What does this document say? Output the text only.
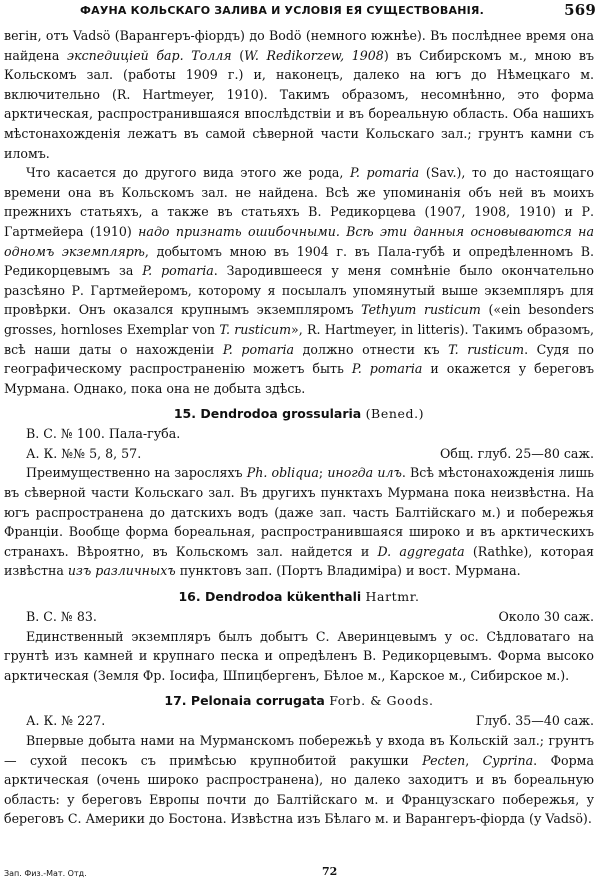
ФАУНА КОЛЬСКАГО ЗАЛИВА И УСЛОВІЯ ЕЯ СУЩЕСТВОВАНІЯ.	569

вегін, отъ Vadsö (Варангеръ-фіордъ) до Bodö (немного южнѣе). Въ послѣднее время она найдена экспедиціей бар. Толля (W. Redikorzew, 1908) въ Сибирскомъ м., мною въ Кольскомъ зал. (работы 1909 г.) и, наконецъ, далеко на югъ до Нѣмецкаго м. включительно (R. Hartmeyer, 1910). Такимъ образомъ, несомнѣнно, это форма арктическая, распространившаяся впослѣдствіи и въ бореальную область. Оба нашихъ мѣстонахожденія лежатъ въ самой сѣверной части Кольскаго зал.; грунтъ камни съ иломъ.

Что касается до другого вида этого же рода, P. pomaria (Sav.), то до настоящаго времени она въ Кольскомъ зал. не найдена. Всѣ же упоминанія объ ней въ моихъ прежнихъ статьяхъ, а также въ статьяхъ В. Редикорцева (1907, 1908, 1910) и Р. Гартмейера (1910) надо признать ошибочными. Всѣ эти данныя основываются на одномъ экземплярѣ, добытомъ мною въ 1904 г. въ Пала-губѣ и опредѣленномъ В. Редикорцевымъ за P. pomaria. Зародившееся у меня сомнѣніе было окончательно разсѣяно Р. Гартмейеромъ, которому я посылалъ упомянутый выше экземпляръ для провѣрки. Онъ оказался крупнымъ экземпляромъ Tethyum rusticum («ein besonders grosses, hornloses Exemplar von T. rusticum», R. Hartmeyer, in litteris). Такимъ образомъ, всѣ наши даты о нахожденіи P. pomaria должно отнести къ T. rusticum. Судя по географическому распространенію можетъ быть P. pomaria и окажется у береговъ Мурмана. Однако, пока она не добыта здѣсь.

15. Dendrodoa grossularia (Bened.)
В. С. № 100. Пала-губа.
А. К. №№ 5, 8, 57.	Общ. глуб. 25—80 саж.

Преимущественно на заросляхъ Ph. obliqua; иногда илъ. Всѣ мѣстонахожденія лишь въ сѣверной части Кольскаго зал. Въ другихъ пунктахъ Мурмана пока неизвѣстна. На югъ распространена до датскихъ водъ (даже зап. часть Балтійскаго м.) и побережья Франціи. Вообще форма бореальная, распространившаяся широко и въ арктическихъ странахъ. Вѣроятно, въ Кольскомъ зал. найдется и D. aggregata (Rathke), которая извѣстна изъ различныхъ пунктовъ зап. (Портъ Владиміра) и вост. Мурмана.

16. Dendrodoa kükenthali Hartmr.
В. С. № 83.	Около 30 саж.

Единственный экземпляръ былъ добытъ С. Аверинцевымъ у ос. Сѣдловатаго на грунтѣ изъ камней и крупнаго песка и опредѣленъ В. Редикорцевымъ. Форма высоко арктическая (Земля Фр. Іосифа, Шпицбергенъ, Бѣлое м., Карское м., Сибирское м.).

17. Pelonaia corrugata Forb. & Goods.
А. К. № 227.	Глуб. 35—40 саж.

Впервые добыта нами на Мурманскомъ побережьѣ у входа въ Кольскій зал.; грунтъ — сухой песокъ съ примѣсью крупнобитой ракушки Pecten, Cyprina. Форма арктическая (очень широко распространена), но далеко заходитъ и въ бореальную область: у береговъ Европы почти до Балтійскаго м. и Французскаго побережья, у береговъ С. Америки до Бостона. Извѣстна изъ Бѣлаго м. и Варангеръ-фіорда (у Vadsö).

Зап. Физ.-Мат. Отд.	72
